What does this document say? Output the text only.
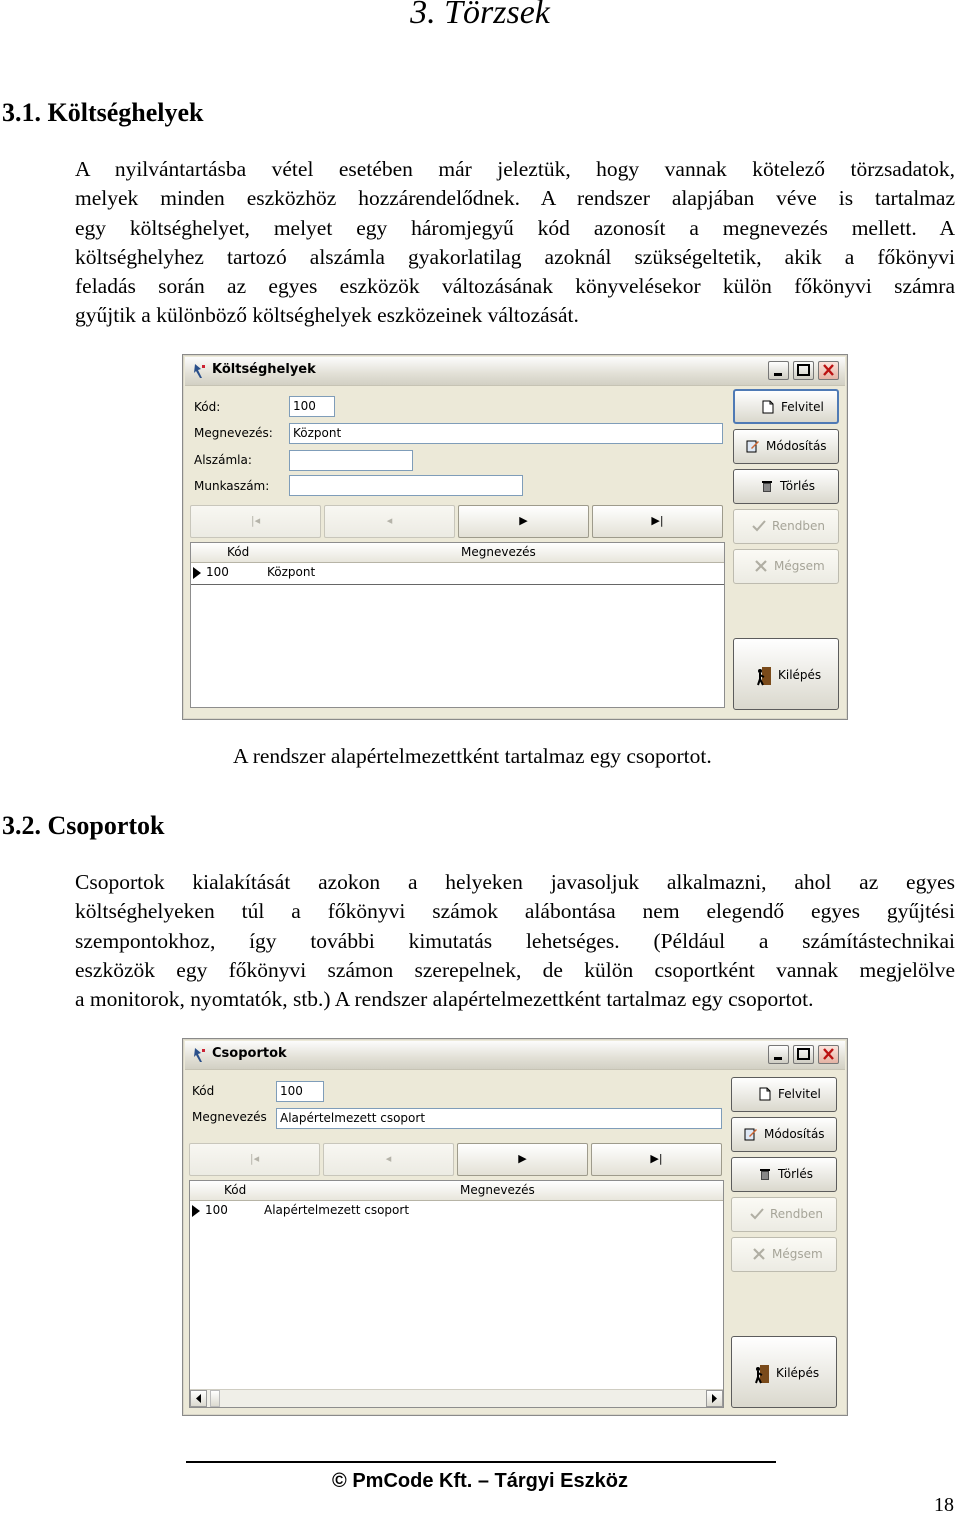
3. Törzsek
3.1. Költséghelyek

A nyilvántartásba vétel esetében már jeleztük, hogy vannak kötelező törzsadatok,

melyek minden eszközhöz hozzárendelődnek. A rendszer alapjában véve is tartalmaz

egy költséghelyet, melyet egy háromjegyű kód azonosít a megnevezés mellett. A

költséghelyhez tartozó alszámla gyakorlatilag azoknál szükségeltetik, akik a főkönyvi

feladás során az egyes eszközök változásának könyvelésekor külön főkönyvi számra

gyűjtik a különböző költséghelyek eszközeinek változását.

Költséghelyek
Kód:	100
Megnevezés:	Központ
Alszámla:
Munkaszám:
|◂	◂	▶	▶|
Kód	Megnevezés
100	Központ
Felvitel
Módosítás
Törlés
Rendben
Mégsem
Kilépés
A rendszer alapértelmezettként tartalmaz egy csoportot.
3.2. Csoportok

Csoportok kialakítását azokon a helyeken javasoljuk alkalmazni, ahol az egyes

költséghelyeken túl a főkönyvi számok alábontása nem elegendő egyes gyűjtési

szempontokhoz, így további kimutatás lehetséges. (Például a számítástechnikai

eszközök egy főkönyvi számon szerepelnek, de külön csoportként vannak megjelölve

a monitorok, nyomtatók, stb.) A rendszer alapértelmezettként tartalmaz egy csoportot.

Csoportok
Kód	100
Megnevezés	Alapértelmezett csoport
|◂	◂	▶	▶|
Kód	Megnevezés
100	Alapértelmezett csoport
Felvitel
Módosítás
Törlés
Rendben
Mégsem
Kilépés
© PmCode Kft. – Tárgyi Eszköz
18
